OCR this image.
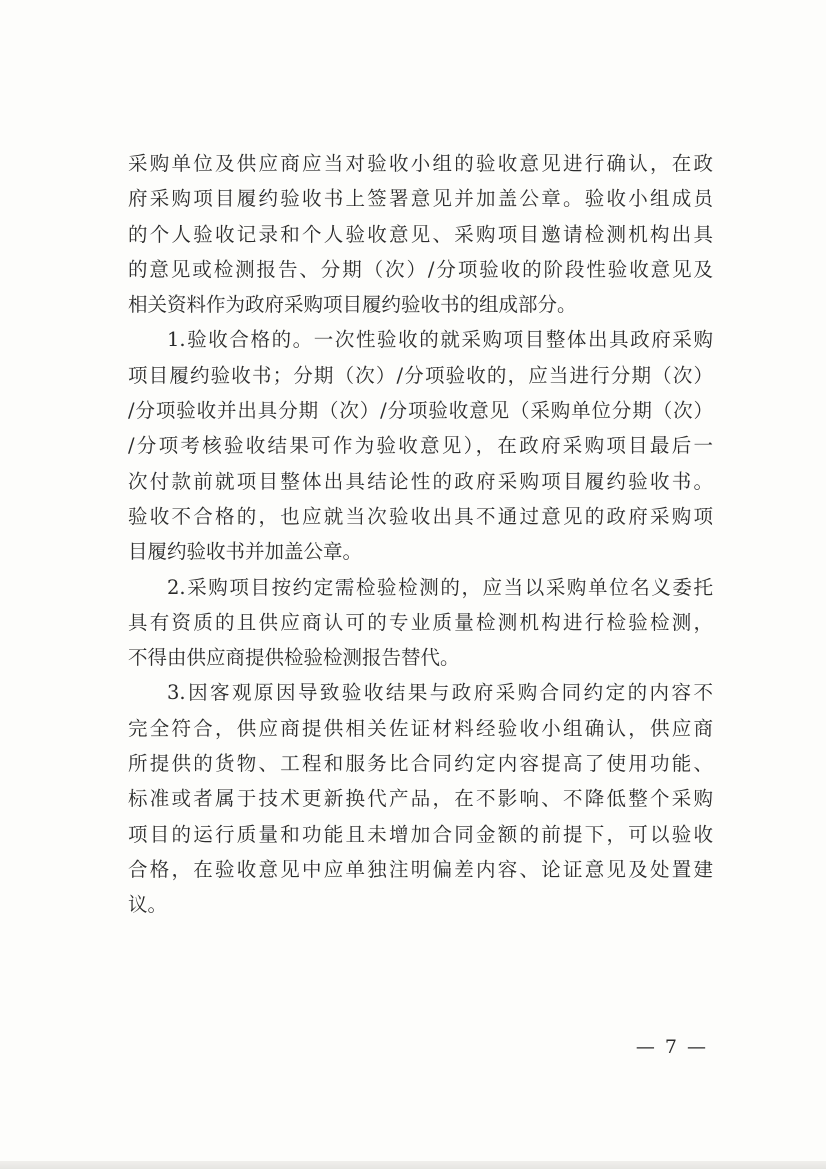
采购单位及供应商应当对验收小组的验收意见进行确认，在政
府采购项目履约验收书上签署意见并加盖公章。验收小组成员
的个人验收记录和个人验收意见、采购项目邀请检测机构出具
的意见或检测报告、分期（次）/分项验收的阶段性验收意见及
相关资料作为政府采购项目履约验收书的组成部分。
1.验收合格的。一次性验收的就采购项目整体出具政府采购
项目履约验收书；分期（次）/分项验收的，应当进行分期（次）
/分项验收并出具分期（次）/分项验收意见（采购单位分期（次）
/分项考核验收结果可作为验收意见），在政府采购项目最后一
次付款前就项目整体出具结论性的政府采购项目履约验收书。
验收不合格的，也应就当次验收出具不通过意见的政府采购项
目履约验收书并加盖公章。
2.采购项目按约定需检验检测的，应当以采购单位名义委托
具有资质的且供应商认可的专业质量检测机构进行检验检测，
不得由供应商提供检验检测报告替代。
3.因客观原因导致验收结果与政府采购合同约定的内容不
完全符合，供应商提供相关佐证材料经验收小组确认，供应商
所提供的货物、工程和服务比合同约定内容提高了使用功能、
标准或者属于技术更新换代产品，在不影响、不降低整个采购
项目的运行质量和功能且未增加合同金额的前提下，可以验收
合格，在验收意见中应单独注明偏差内容、论证意见及处置建
议。
— 7 —
